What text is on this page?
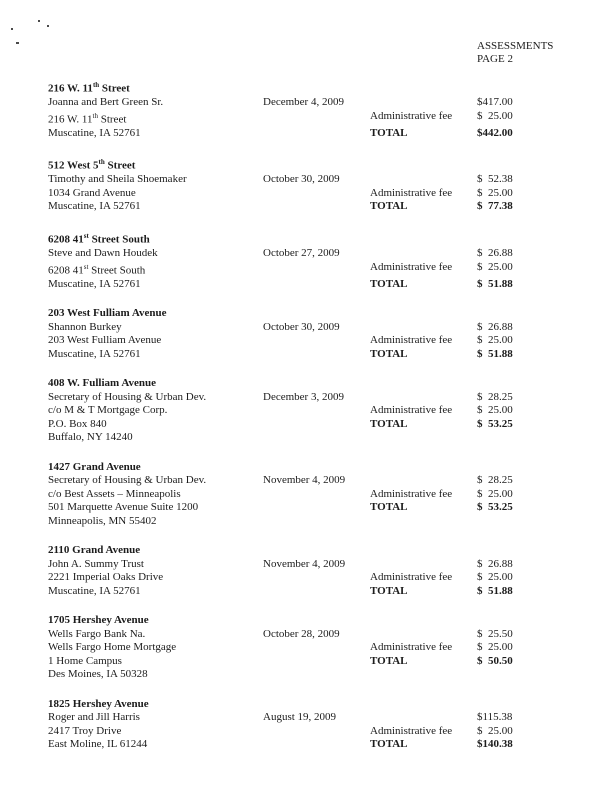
ASSESSMENTS
PAGE 2
216 W. 11th Street
Joanna and Bert Green Sr.	December 4, 2009	$417.00
216 W. 11th Street	Administrative fee	$  25.00
Muscatine, IA 52761	TOTAL	$442.00
512 West 5th Street
Timothy and Sheila Shoemaker	October 30, 2009	$  52.38
1034 Grand Avenue	Administrative fee	$  25.00
Muscatine, IA 52761	TOTAL	$  77.38
6208 41st Street South
Steve and Dawn Houdek	October 27, 2009	$  26.88
6208 41st Street South	Administrative fee	$  25.00
Muscatine, IA 52761	TOTAL	$  51.88
203 West Fulliam Avenue
Shannon Burkey	October 30, 2009	$  26.88
203 West Fulliam Avenue	Administrative fee	$  25.00
Muscatine, IA 52761	TOTAL	$  51.88
408 W. Fulliam Avenue
Secretary of Housing & Urban Dev.	December 3, 2009	$  28.25
c/o M & T Mortgage Corp.	Administrative fee	$  25.00
P.O. Box 840	TOTAL	$  53.25
Buffalo, NY 14240
1427 Grand Avenue
Secretary of Housing & Urban Dev.	November 4, 2009	$  28.25
c/o Best Assets – Minneapolis	Administrative fee	$  25.00
501 Marquette Avenue Suite 1200	TOTAL	$  53.25
Minneapolis, MN 55402
2110 Grand Avenue
John A. Summy Trust	November 4, 2009	$  26.88
2221 Imperial Oaks Drive	Administrative fee	$  25.00
Muscatine, IA 52761	TOTAL	$  51.88
1705 Hershey Avenue
Wells Fargo Bank Na.	October 28, 2009	$  25.50
Wells Fargo Home Mortgage	Administrative fee	$  25.00
1 Home Campus	TOTAL	$  50.50
Des Moines, IA 50328
1825 Hershey Avenue
Roger and Jill Harris	August 19, 2009	$115.38
2417 Troy Drive	Administrative fee	$  25.00
East Moline, IL 61244	TOTAL	$140.38
